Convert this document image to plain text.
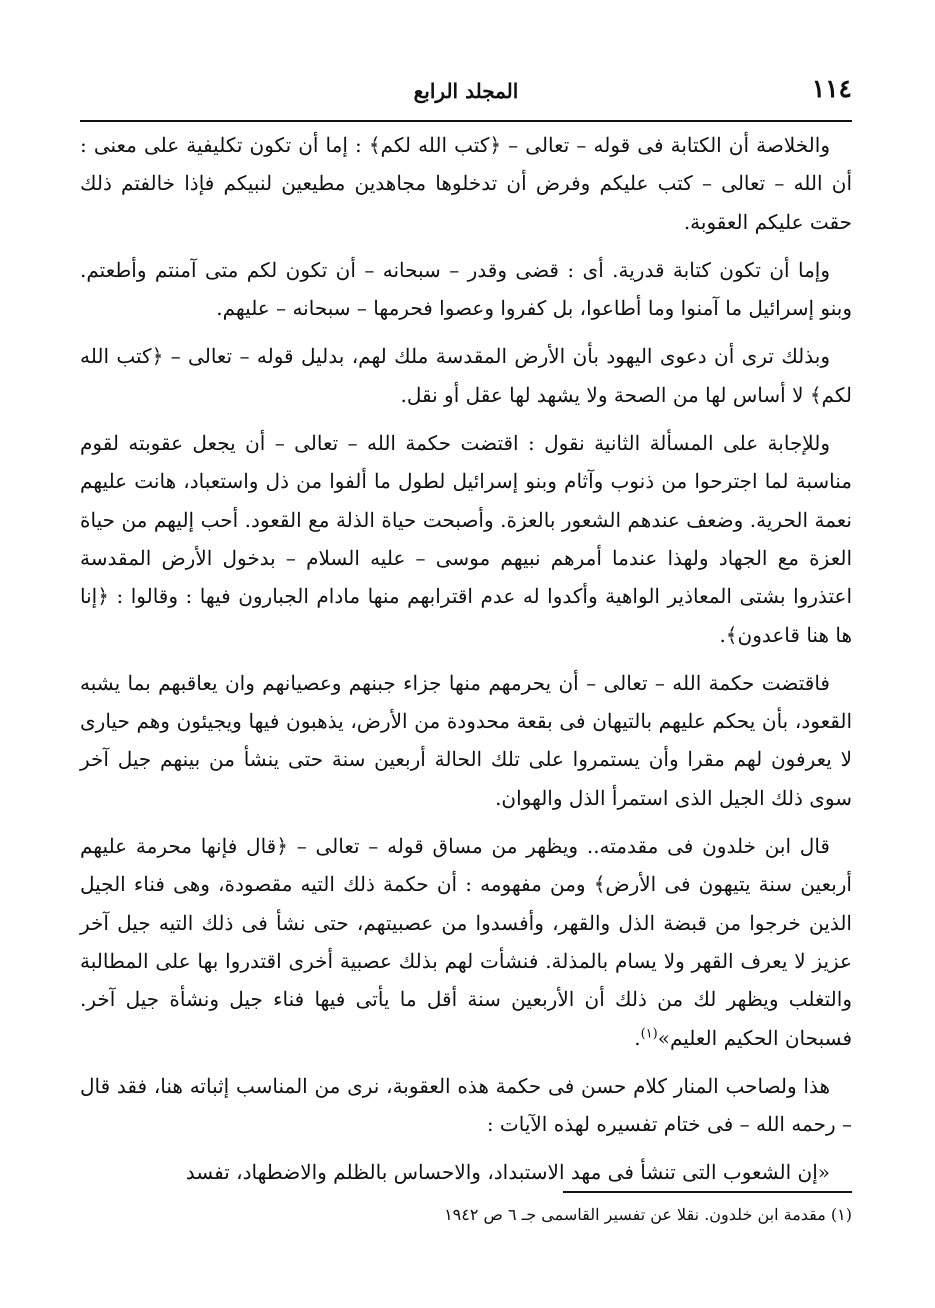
١١٤
المجلد الرابع

والخلاصة أن الكتابة فى قوله – تعالى – ﴿كتب الله لكم﴾ : إما أن تكون تكليفية على معنى : أن الله – تعالى – كتب عليكم وفرض أن تدخلوها مجاهدين مطيعين لنبيكم فإذا خالفتم ذلك حقت عليكم العقوبة.

وإما أن تكون كتابة قدرية. أى : قضى وقدر – سبحانه – أن تكون لكم متى آمنتم وأطعتم. وبنو إسرائيل ما آمنوا وما أطاعوا، بل كفروا وعصوا فحرمها – سبحانه – عليهم.

وبذلك ترى أن دعوى اليهود بأن الأرض المقدسة ملك لهم، بدليل قوله – تعالى – ﴿كتب الله لكم﴾ لا أساس لها من الصحة ولا يشهد لها عقل أو نقل.

وللإجابة على المسألة الثانية نقول : اقتضت حكمة الله – تعالى – أن يجعل عقوبته لقوم مناسبة لما اجترحوا من ذنوب وآثام وبنو إسرائيل لطول ما ألفوا من ذل واستعباد، هانت عليهم نعمة الحرية. وضعف عندهم الشعور بالعزة. وأصبحت حياة الذلة مع القعود. أحب إليهم من حياة العزة مع الجهاد ولهذا عندما أمرهم نبيهم موسى – عليه السلام – بدخول الأرض المقدسة اعتذروا بشتى المعاذير الواهية وأكدوا له عدم اقترابهم منها مادام الجبارون فيها : وقالوا : ﴿إنا ها هنا قاعدون﴾.

فاقتضت حكمة الله – تعالى – أن يحرمهم منها جزاء جبنهم وعصيانهم وان يعاقبهم بما يشبه القعود، بأن يحكم عليهم بالتيهان فى بقعة محدودة من الأرض، يذهبون فيها ويجيئون وهم حيارى لا يعرفون لهم مقرا وأن يستمروا على تلك الحالة أربعين سنة حتى ينشأ من بينهم جيل آخر سوى ذلك الجيل الذى استمرأ الذل والهوان.

قال ابن خلدون فى مقدمته.. ويظهر من مساق قوله – تعالى – ﴿قال فإنها محرمة عليهم أربعين سنة يتيهون فى الأرض﴾ ومن مفهومه : أن حكمة ذلك التيه مقصودة، وهى فناء الجيل الذين خرجوا من قبضة الذل والقهر، وأفسدوا من عصبيتهم، حتى نشأ فى ذلك التيه جيل آخر عزيز لا يعرف القهر ولا يسام بالمذلة. فنشأت لهم بذلك عصبية أخرى اقتدروا بها على المطالبة والتغلب ويظهر لك من ذلك أن الأربعين سنة أقل ما يأتى فيها فناء جيل ونشأة جيل آخر. فسبحان الحكيم العليم»$^{(١)}$.

هذا ولصاحب المنار كلام حسن فى حكمة هذه العقوبة، نرى من المناسب إثباته هنا، فقد قال – رحمه الله – فى ختام تفسيره لهذه الآيات :

«إن الشعوب التى تنشأ فى مهد الاستبداد، والاحساس بالظلم والاضطهاد، تفسد

(١) مقدمة ابن خلدون. نقلا عن تفسير القاسمى جـ ٦ ص ١٩٤٢
